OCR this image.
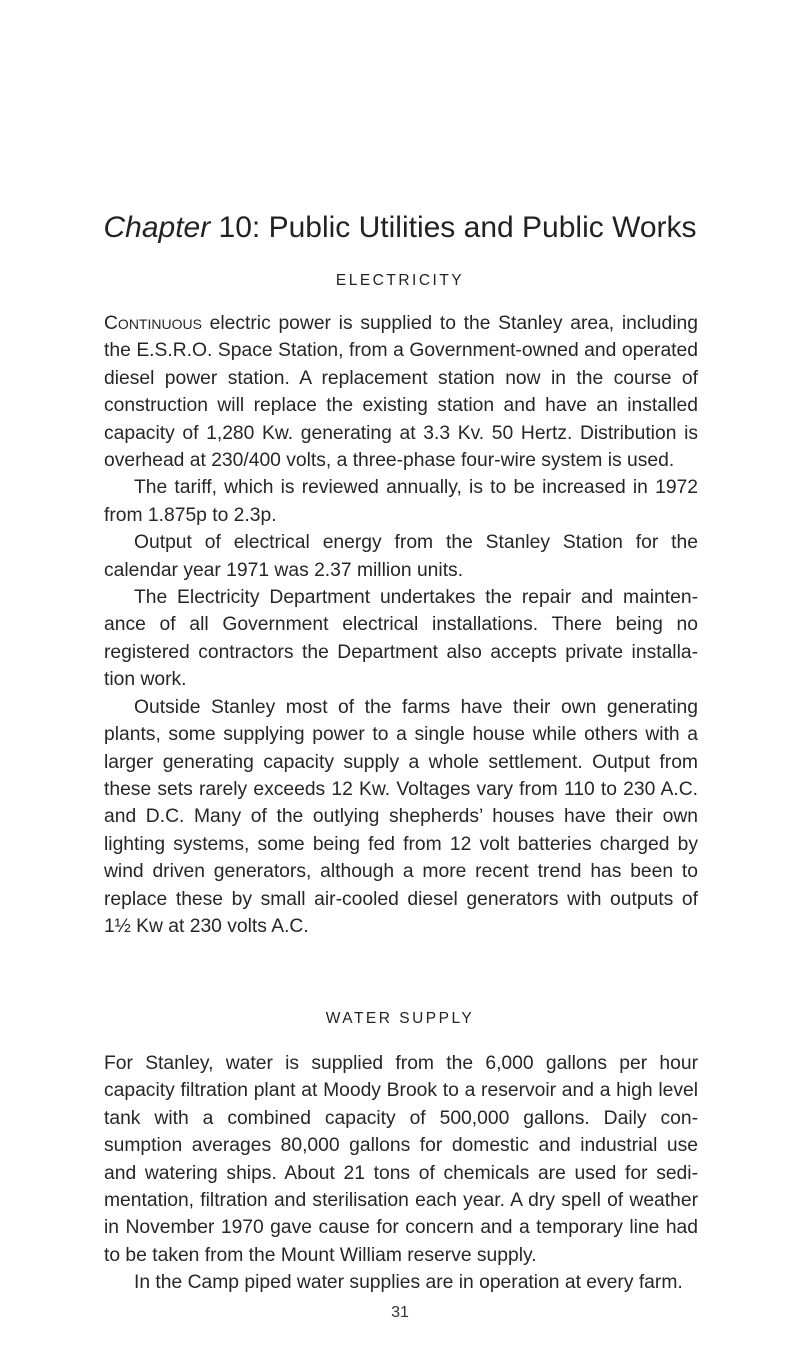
Chapter 10: Public Utilities and Public Works
ELECTRICITY

Continuous electric power is supplied to the Stanley area, including the E.S.R.O. Space Station, from a Government-owned and operated diesel power station. A replacement station now in the course of construction will replace the existing station and have an installed capacity of 1,280 Kw. generating at 3.3 Kv. 50 Hertz. Distribution is overhead at 230/400 volts, a three-phase four-wire system is used.

The tariff, which is reviewed annually, is to be increased in 1972 from 1.875p to 2.3p.

Output of electrical energy from the Stanley Station for the calendar year 1971 was 2.37 million units.

The Electricity Department undertakes the repair and mainten- ance of all Government electrical installations. There being no registered contractors the Department also accepts private installa- tion work.

Outside Stanley most of the farms have their own generating plants, some supplying power to a single house while others with a larger generating capacity supply a whole settlement. Output from these sets rarely exceeds 12 Kw. Voltages vary from 110 to 230 A.C. and D.C. Many of the outlying shepherds’ houses have their own lighting systems, some being fed from 12 volt batteries charged by wind driven generators, although a more recent trend has been to replace these by small air-cooled diesel generators with outputs of 1½ Kw at 230 volts A.C.

WATER SUPPLY

For Stanley, water is supplied from the 6,000 gallons per hour capacity filtration plant at Moody Brook to a reservoir and a high level tank with a combined capacity of 500,000 gallons. Daily con- sumption averages 80,000 gallons for domestic and industrial use and watering ships. About 21 tons of chemicals are used for sedi- mentation, filtration and sterilisation each year. A dry spell of weather in November 1970 gave cause for concern and a temporary line had to be taken from the Mount William reserve supply.

In the Camp piped water supplies are in operation at every farm.

31
